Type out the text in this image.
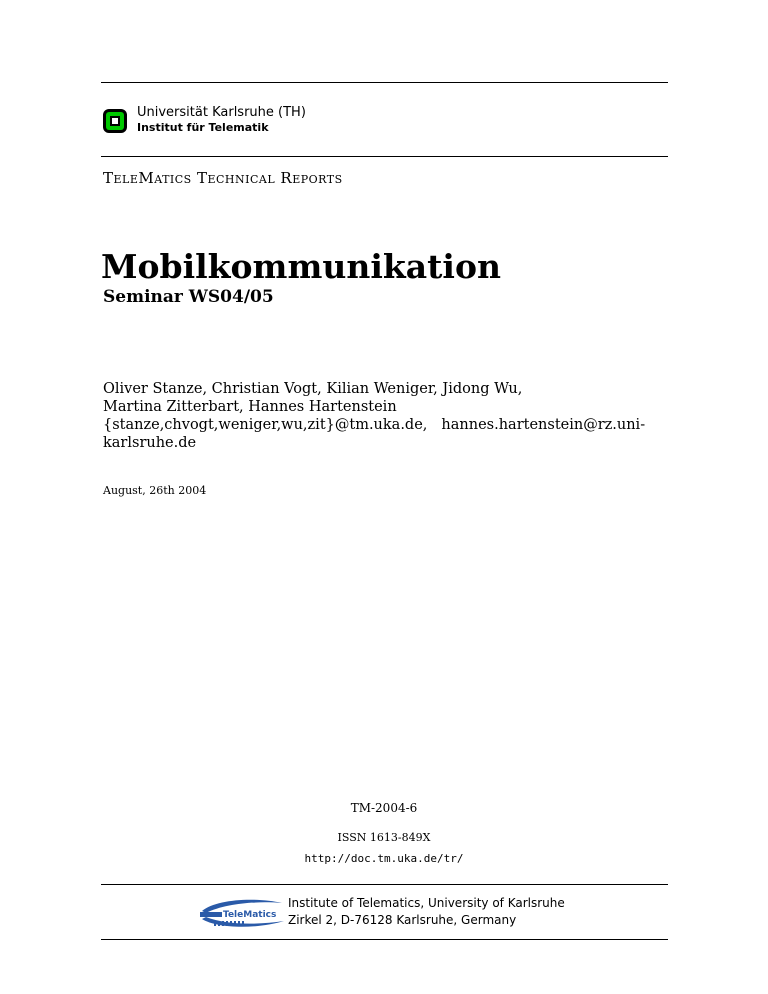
Universität Karlsruhe (TH)
Institut für Telematik
TeleMatics Technical Reports
Mobilkommunikation
Seminar WS04/05
Oliver Stanze, Christian Vogt, Kilian Weniger, Jidong Wu,
Martina Zitterbart, Hannes Hartenstein
{stanze,chvogt,weniger,wu,zit}@tm.uka.de, hannes.hartenstein@rz.uni-
karlsruhe.de
August, 26th 2004
TM-2004-6
ISSN 1613-849X
http://doc.tm.uka.de/tr/
TeleMatics
Institute of Telematics, University of Karlsruhe
Zirkel 2, D-76128 Karlsruhe, Germany
